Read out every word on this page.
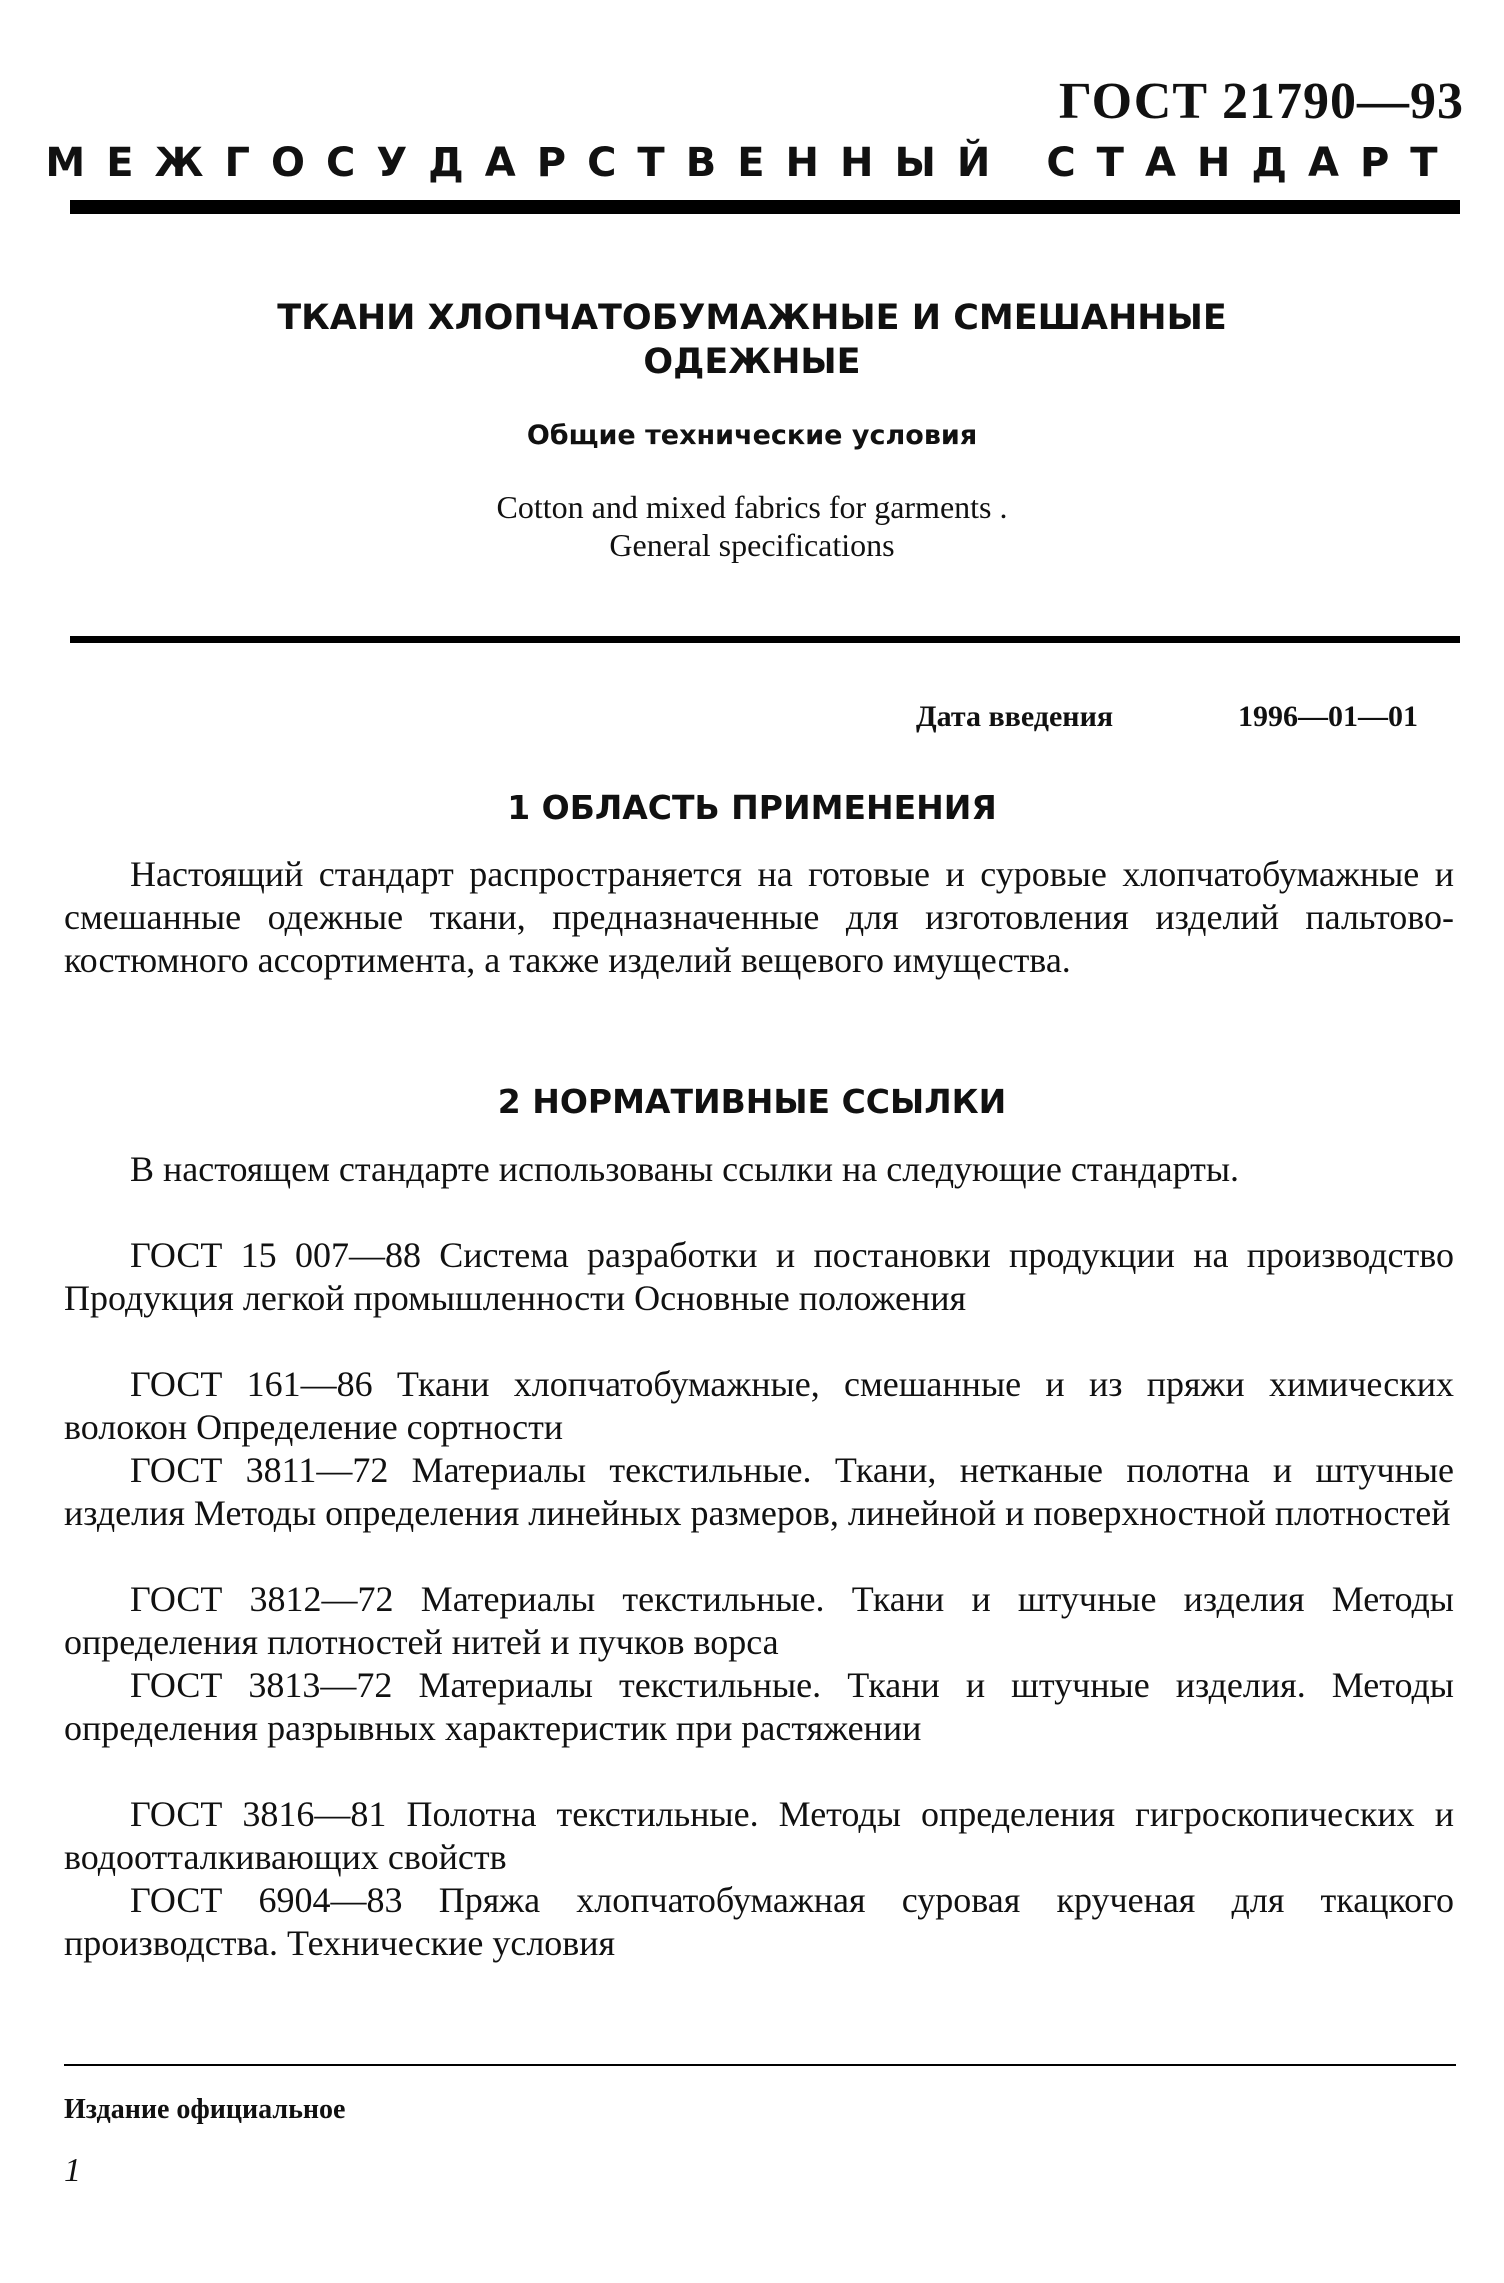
ГОСТ 21790—93
МЕЖГОСУДАРСТВЕННЫЙ СТАНДАРТ
ТКАНИ ХЛОПЧАТОБУМАЖНЫЕ И СМЕШАННЫЕ
ОДЕЖНЫЕ
Общие технические условия
Cotton and mixed fabrics for garments .
General specifications
Дата введения	1996—01—01
1 ОБЛАСТЬ ПРИМЕНЕНИЯ

Настоящий стандарт распространяется на готовые и суровые хлопчатобумажные и смешанные одежные ткани, предназначенные для изготовления изделий пальтово-костюмного ассортимента, а также изделий вещевого имущества.

2 НОРМАТИВНЫЕ ССЫЛКИ

В настоящем стандарте использованы ссылки на следующие стандарты.

ГОСТ 15 007—88 Система разработки и постановки продукции на производство Продукция легкой промышленности Основные положения

ГОСТ 161—86 Ткани хлопчатобумажные, смешанные и из пряжи химических волокон Определение сортности

ГОСТ 3811—72 Материалы текстильные. Ткани, нетканые полотна и штучные изделия Методы определения линейных размеров, линейной и поверхностной плотностей

ГОСТ 3812—72 Материалы текстильные. Ткани и штучные изделия Методы определения плотностей нитей и пучков ворса

ГОСТ 3813—72 Материалы текстильные. Ткани и штучные изделия. Методы определения разрывных характеристик при растяжении

ГОСТ 3816—81 Полотна текстильные. Методы определения гигроскопических и водоотталкивающих свойств

ГОСТ 6904—83 Пряжа хлопчатобумажная суровая крученая для ткацкого производства. Технические условия

Издание официальное
1
